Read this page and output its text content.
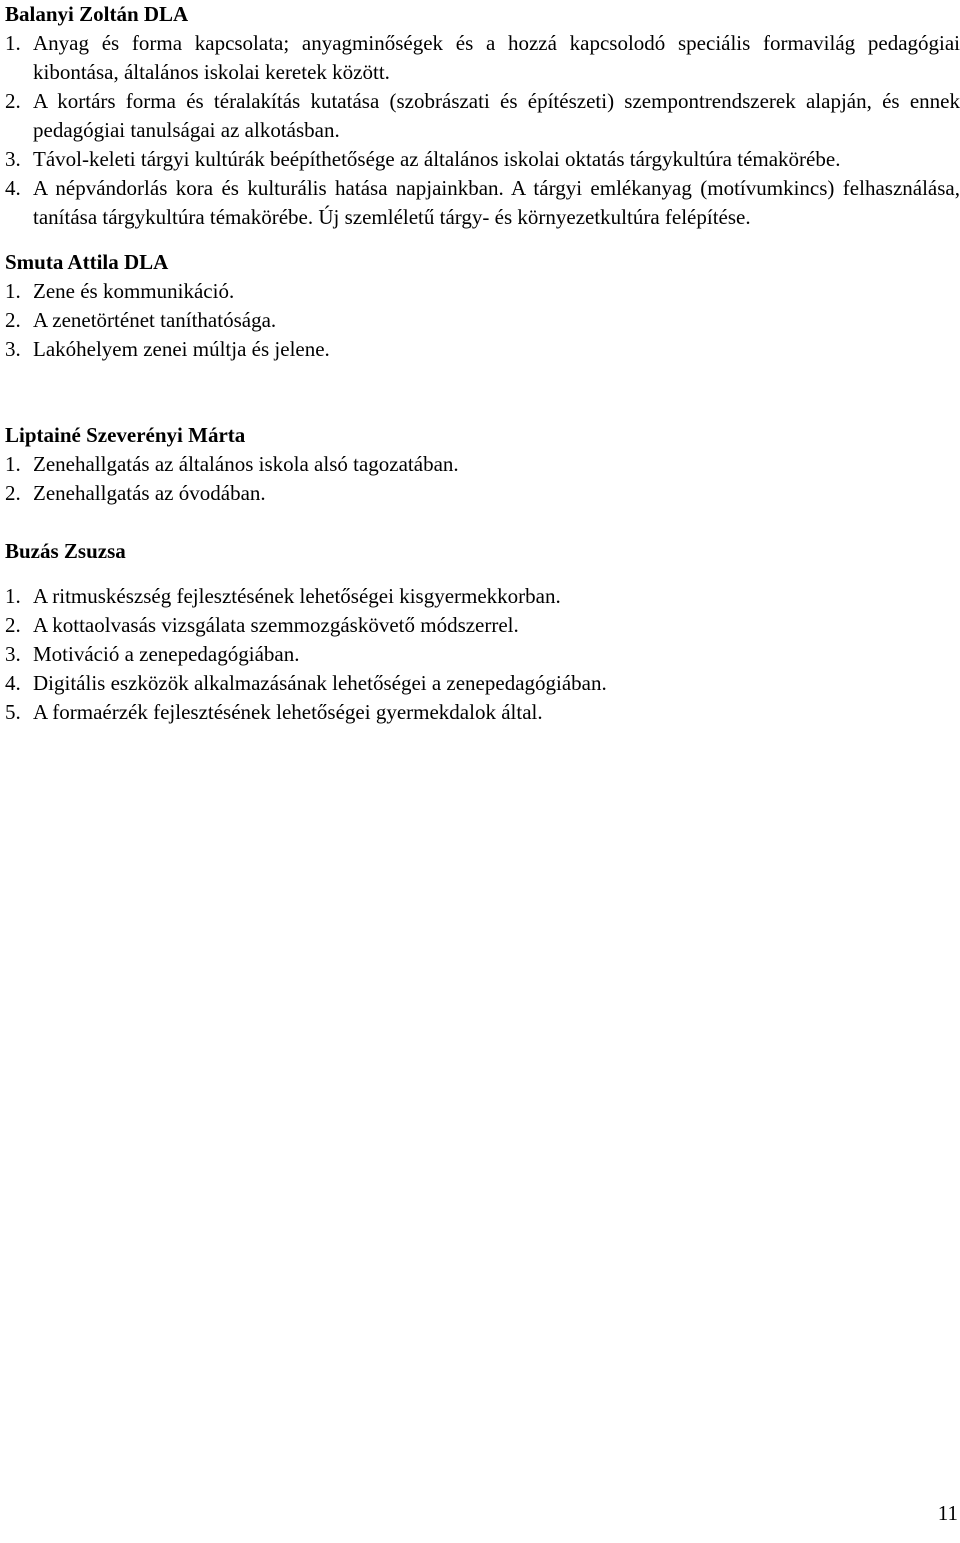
Balanyi Zoltán DLA

1. Anyag és forma kapcsolata; anyagminőségek és a hozzá kapcsolodó speciális formavilág pedagógiai kibontása, általános iskolai keretek között.

2. A kortárs forma és téralakítás kutatása (szobrászati és építészeti) szempontrendszerek alapján, és ennek pedagógiai tanulságai az alkotásban.

3. Távol-keleti tárgyi kultúrák beépíthetősége az általános iskolai oktatás tárgykultúra témakörébe.

4. A népvándorlás kora és kulturális hatása napjainkban. A tárgyi emlékanyag (motívumkincs) felhasználása, tanítása tárgykultúra témakörébe. Új szemléletű tárgy- és környezetkultúra felépítése.

Smuta Attila DLA

1. Zene és kommunikáció.

2. A zenetörténet taníthatósága.

3. Lakóhelyem zenei múltja és jelene.

Liptainé Szeverényi Márta

1. Zenehallgatás az általános iskola alsó tagozatában.

2. Zenehallgatás az óvodában.

Buzás Zsuzsa

1. A ritmuskészség fejlesztésének lehetőségei kisgyermekkorban.

2. A kottaolvasás vizsgálata szemmozgáskövető módszerrel.

3. Motiváció a zenepedagógiában.

4. Digitális eszközök alkalmazásának lehetőségei a zenepedagógiában.

5. A formaérzék fejlesztésének lehetőségei gyermekdalok által.

11
